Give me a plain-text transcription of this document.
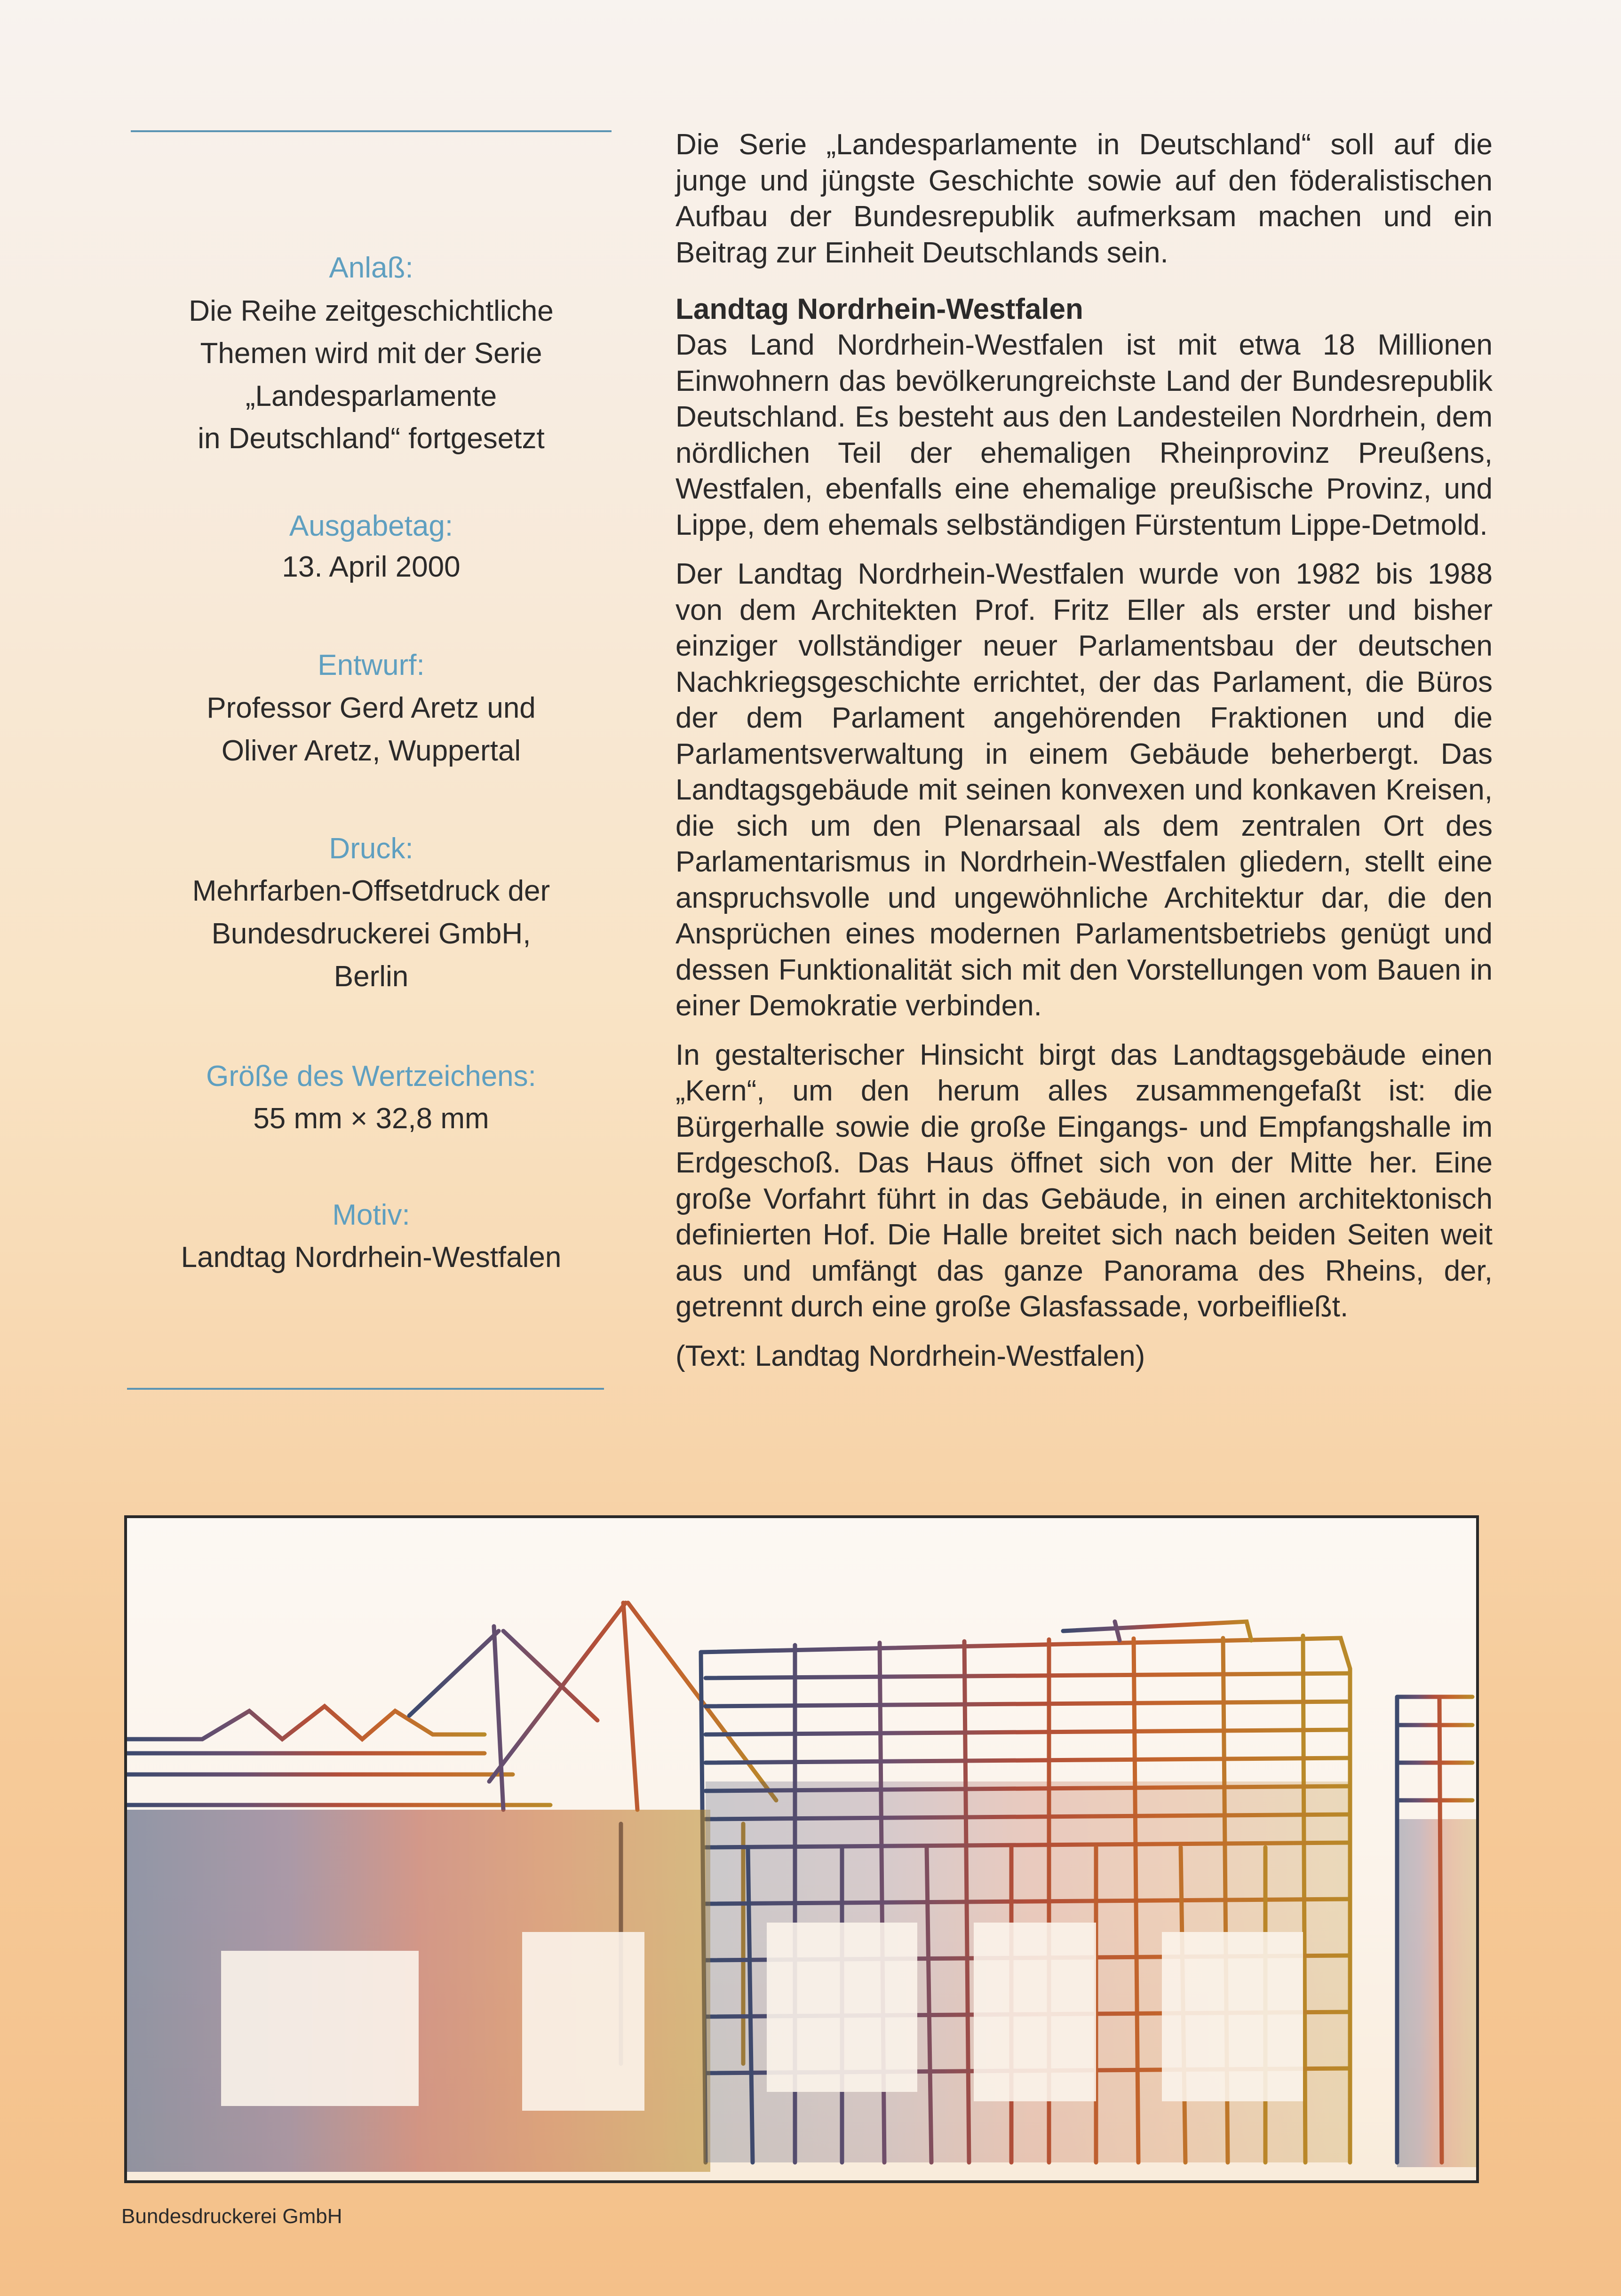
Anlaß:
Die Reihe zeitgeschichtliche
Themen wird mit der Serie
„Landesparlamente
in Deutschland“ fortgesetzt
Ausgabetag:
13. April 2000
Entwurf:
Professor Gerd Aretz und
Oliver Aretz, Wuppertal
Druck:
Mehrfarben-Offsetdruck der
Bundesdruckerei GmbH,
Berlin
Größe des Wertzeichens:
55 mm × 32,8 mm
Motiv:
Landtag Nordrhein-Westfalen

Die Serie „Landesparlamente in Deutschland“ soll auf die junge und jüngste Geschichte sowie auf den föderalistischen Aufbau der Bundesrepublik aufmerksam machen und ein Beitrag zur Einheit Deutschlands sein.

Landtag Nordrhein-Westfalen

Das Land Nordrhein-Westfalen ist mit etwa 18 Millionen Einwohnern das bevölkerungreichste Land der Bundesrepublik Deutschland. Es besteht aus den Landesteilen Nordrhein, dem nördlichen Teil der ehemaligen Rheinprovinz Preußens, Westfalen, ebenfalls eine ehemalige preußische Provinz, und Lippe, dem ehemals selbständigen Fürstentum Lippe-Detmold.

Der Landtag Nordrhein-Westfalen wurde von 1982 bis 1988 von dem Architekten Prof. Fritz Eller als erster und bisher einziger vollständiger neuer Parlamentsbau der deutschen Nachkriegsgeschichte errichtet, der das Parlament, die Büros der dem Parlament angehörenden Fraktionen und die Parlamentsverwaltung in einem Gebäude beherbergt. Das Landtagsgebäude mit seinen konvexen und konkaven Kreisen, die sich um den Plenarsaal als dem zentralen Ort des Parlamentarismus in Nordrhein-Westfalen gliedern, stellt eine anspruchsvolle und ungewöhnliche Architektur dar, die den Ansprüchen eines modernen Parlamentsbetriebs genügt und dessen Funktionalität sich mit den Vorstellungen vom Bauen in einer Demokratie verbinden.

In gestalterischer Hinsicht birgt das Landtagsgebäude einen „Kern“, um den herum alles zusammengefaßt ist: die Bürgerhalle sowie die große Eingangs- und Empfangshalle im Erdgeschoß. Das Haus öffnet sich von der Mitte her. Eine große Vorfahrt führt in das Gebäude, in einen architektonisch definierten Hof. Die Halle breitet sich nach beiden Seiten weit aus und umfängt das ganze Panorama des Rheins, der, getrennt durch eine große Glasfassade, vorbeifließt.

(Text: Landtag Nordrhein-Westfalen)

Bundesdruckerei GmbH
